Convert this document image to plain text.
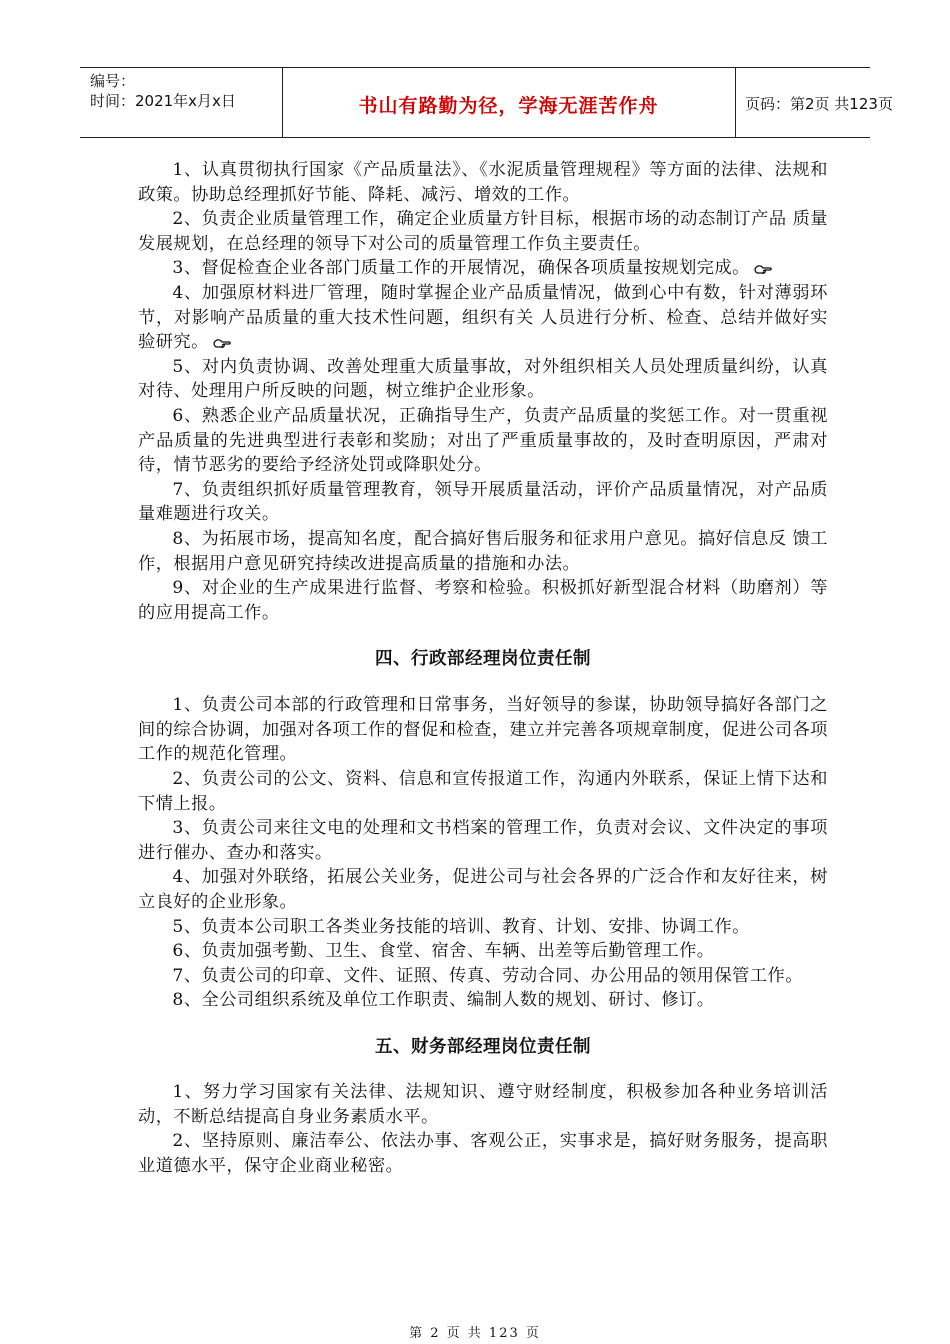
编号：
时间：2021年x月x日	书山有路勤为径，学海无涯苦作舟	页码：第2页 共123页

1、认真贯彻执行国家《产品质量法》、《水泥质量管理规程》等方面的法律、法规和政策。协助总经理抓好节能、降耗、减污、增效的工作。

2、负责企业质量管理工作，确定企业质量方针目标，根据市场的动态制订产品 质量发展规划，在总经理的领导下对公司的质量管理工作负主要责任。

3、督促检查企业各部门质量工作的开展情况，确保各项质量按规划完成。

4、加强原材料进厂管理，随时掌握企业产品质量情况，做到心中有数，针对薄弱环节，对影响产品质量的重大技术性问题，组织有关 人员进行分析、检查、总结并做好实验研究。

5、对内负责协调、改善处理重大质量事故，对外组织相关人员处理质量纠纷，认真对待、处理用户所反映的问题，树立维护企业形象。

6、熟悉企业产品质量状况，正确指导生产，负责产品质量的奖惩工作。对一贯重视产品质量的先进典型进行表彰和奖励；对出了严重质量事故的，及时查明原因，严肃对待，情节恶劣的要给予经济处罚或降职处分。

7、负责组织抓好质量管理教育，领导开展质量活动，评价产品质量情况，对产品质量难题进行攻关。

8、为拓展市场，提高知名度，配合搞好售后服务和征求用户意见。搞好信息反 馈工作，根据用户意见研究持续改进提高质量的措施和办法。

9、对企业的生产成果进行监督、考察和检验。积极抓好新型混合材料（助磨剂）等的应用提高工作。

四、行政部经理岗位责任制

1、负责公司本部的行政管理和日常事务，当好领导的参谋，协助领导搞好各部门之间的综合协调，加强对各项工作的督促和检查，建立并完善各项规章制度，促进公司各项工作的规范化管理。

2、负责公司的公文、资料、信息和宣传报道工作，沟通内外联系，保证上情下达和下情上报。

3、负责公司来往文电的处理和文书档案的管理工作，负责对会议、文件决定的事项进行催办、查办和落实。

4、加强对外联络，拓展公关业务，促进公司与社会各界的广泛合作和友好往来，树立良好的企业形象。

5、负责本公司职工各类业务技能的培训、教育、计划、安排、协调工作。

6、负责加强考勤、卫生、食堂、宿舍、车辆、出差等后勤管理工作。

7、负责公司的印章、文件、证照、传真、劳动合同、办公用品的领用保管工作。

8、全公司组织系统及单位工作职责、编制人数的规划、研讨、修订。

五、财务部经理岗位责任制

1、努力学习国家有关法律、法规知识、遵守财经制度，积极参加各种业务培训活动，不断总结提高自身业务素质水平。

2、坚持原则、廉洁奉公、依法办事、客观公正，实事求是，搞好财务服务，提高职业道德水平，保守企业商业秘密。

第 2 页 共 123 页
